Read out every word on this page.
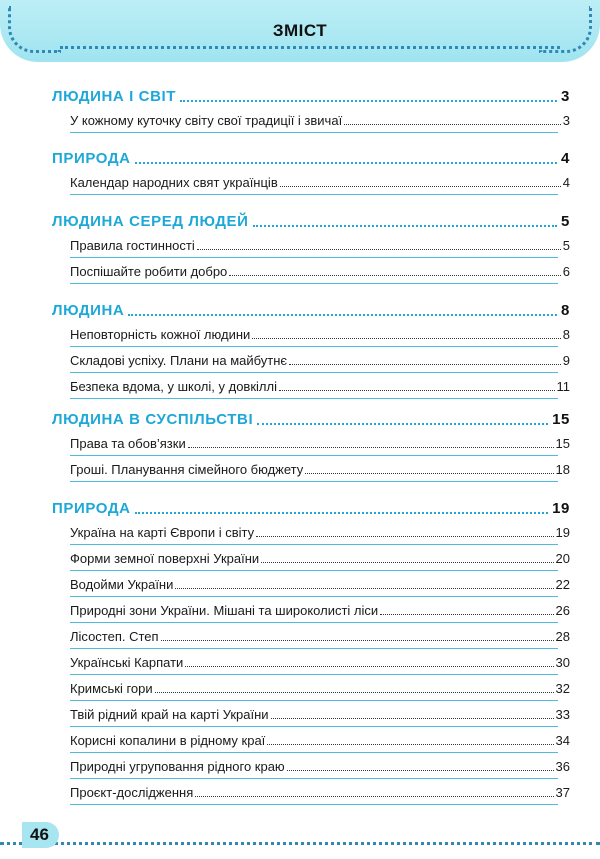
ЗМІСТ
ЛЮДИНА І СВІТ	3
У кожному куточку світу свої традиції і звичаї	3
ПРИРОДА	4
Календар народних свят українців	4
ЛЮДИНА СЕРЕД ЛЮДЕЙ	5
Правила гостинності	5
Поспішайте робити добро	6
ЛЮДИНА	8
Неповторність кожної людини	8
Складові успіху. Плани на майбутнє	9
Безпека вдома, у школі, у довкіллі	11
ЛЮДИНА В СУСПІЛЬСТВІ	15
Права та обов’язки	15
Гроші. Планування сімейного бюджету	18
ПРИРОДА	19
Україна на карті Європи і світу	19
Форми земної поверхні України	20
Водойми України	22
Природні зони України. Мішані та широколисті ліси	26
Лісостеп. Степ	28
Українські Карпати	30
Кримські гори	32
Твій рідний край на карті України	33
Корисні копалини в рідному краї	34
Природні угруповання рідного краю	36
Проєкт-дослідження	37
46
